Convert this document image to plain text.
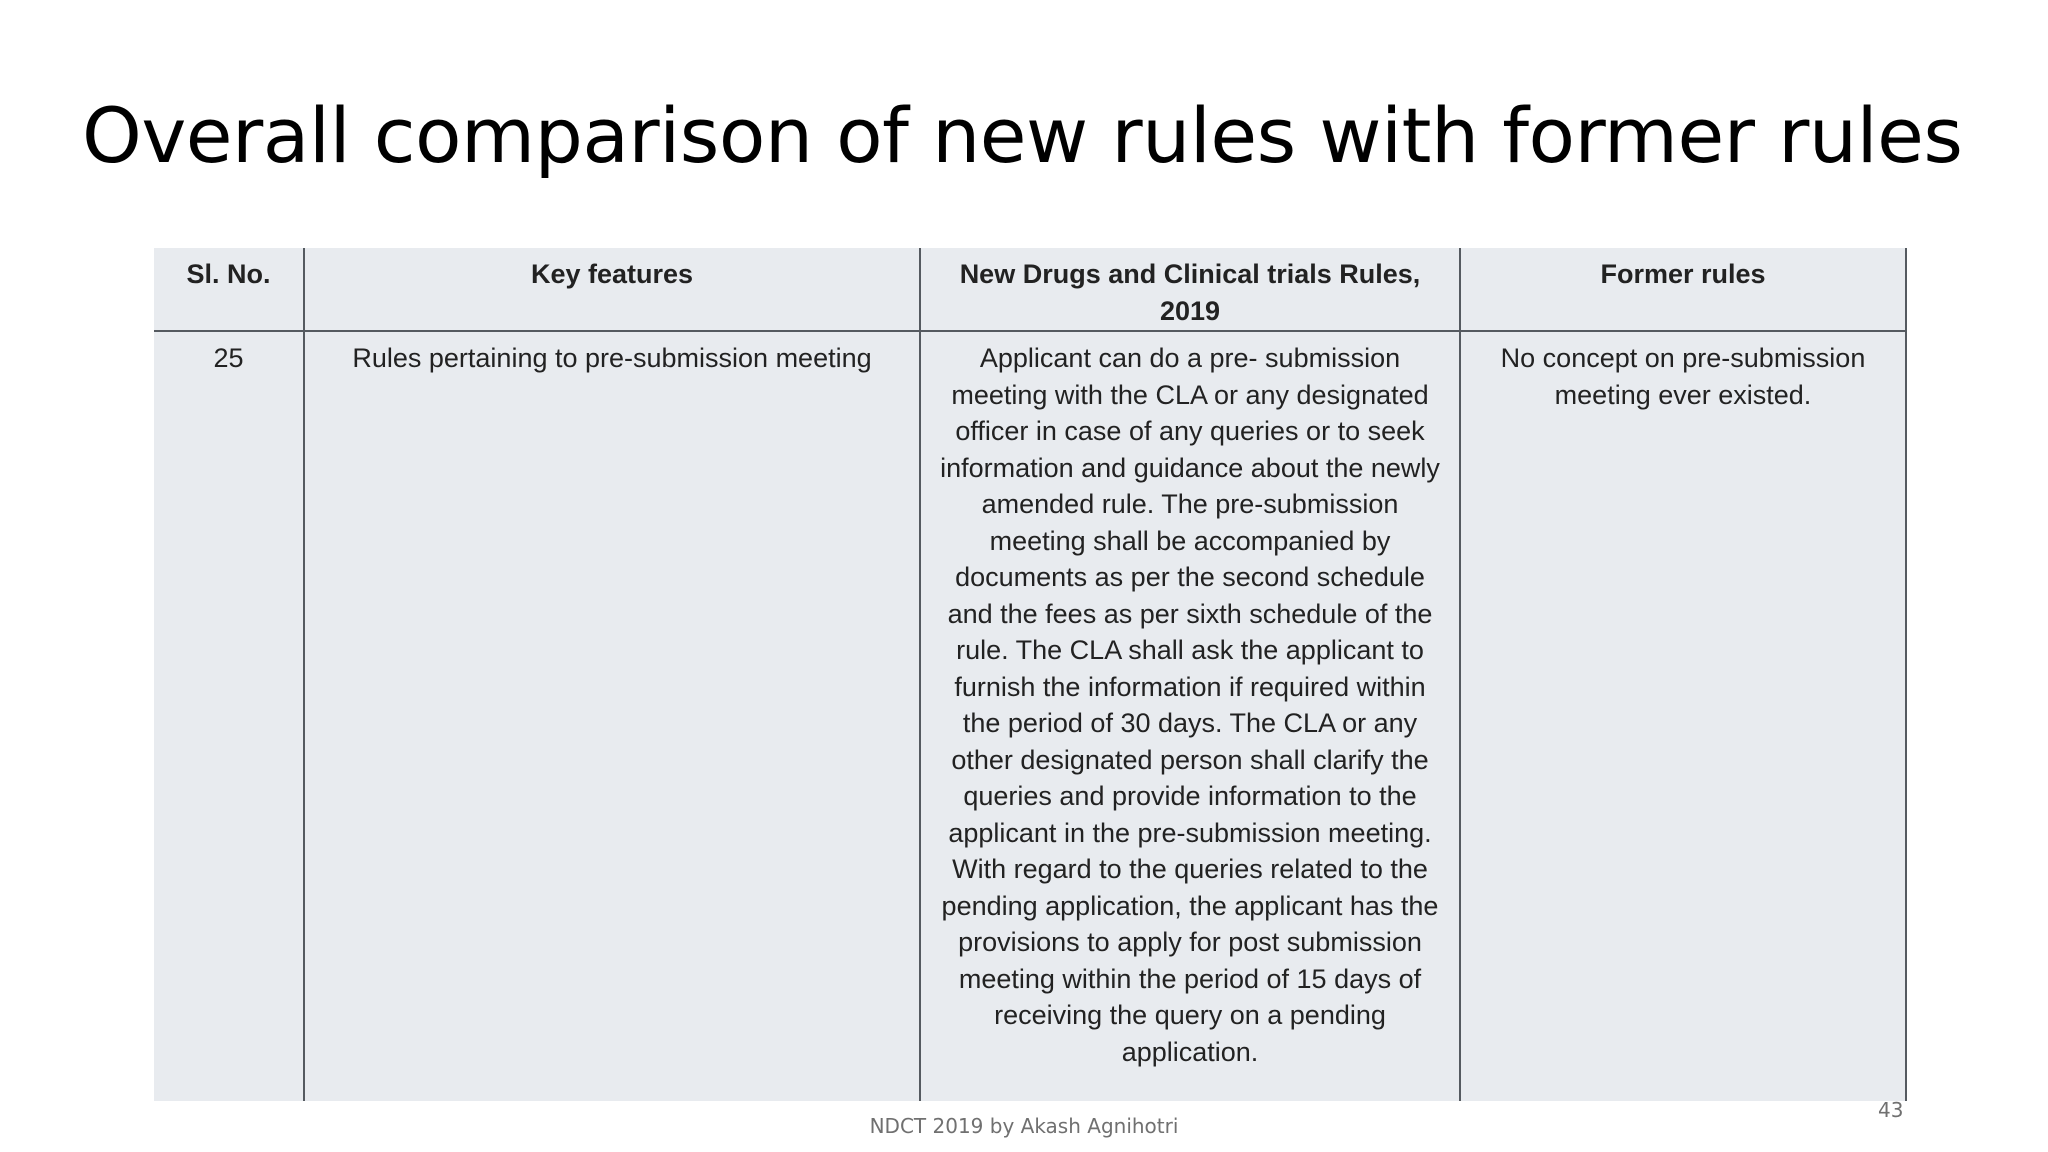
Overall comparison of new rules with former rules
Sl. No.	Key features	New Drugs and Clinical trials Rules, 2019	Former rules
25	Rules pertaining to pre-submission meeting	Applicant can do a pre- submission meeting with the CLA or any designated officer in case of any queries or to seek information and guidance about the newly amended rule. The pre-submission meeting shall be accompanied by documents as per the second schedule and the fees as per sixth schedule of the rule. The CLA shall ask the applicant to furnish the information if required within the period of 30 days. The CLA or any other designated person shall clarify the queries and provide information to the applicant in the pre-submission meeting. With regard to the queries related to the pending application, the applicant has the provisions to apply for post submission meeting within the period of 15 days of receiving the query on a pending application.	No concept on pre-submission meeting ever existed.
NDCT 2019 by Akash Agnihotri
43
